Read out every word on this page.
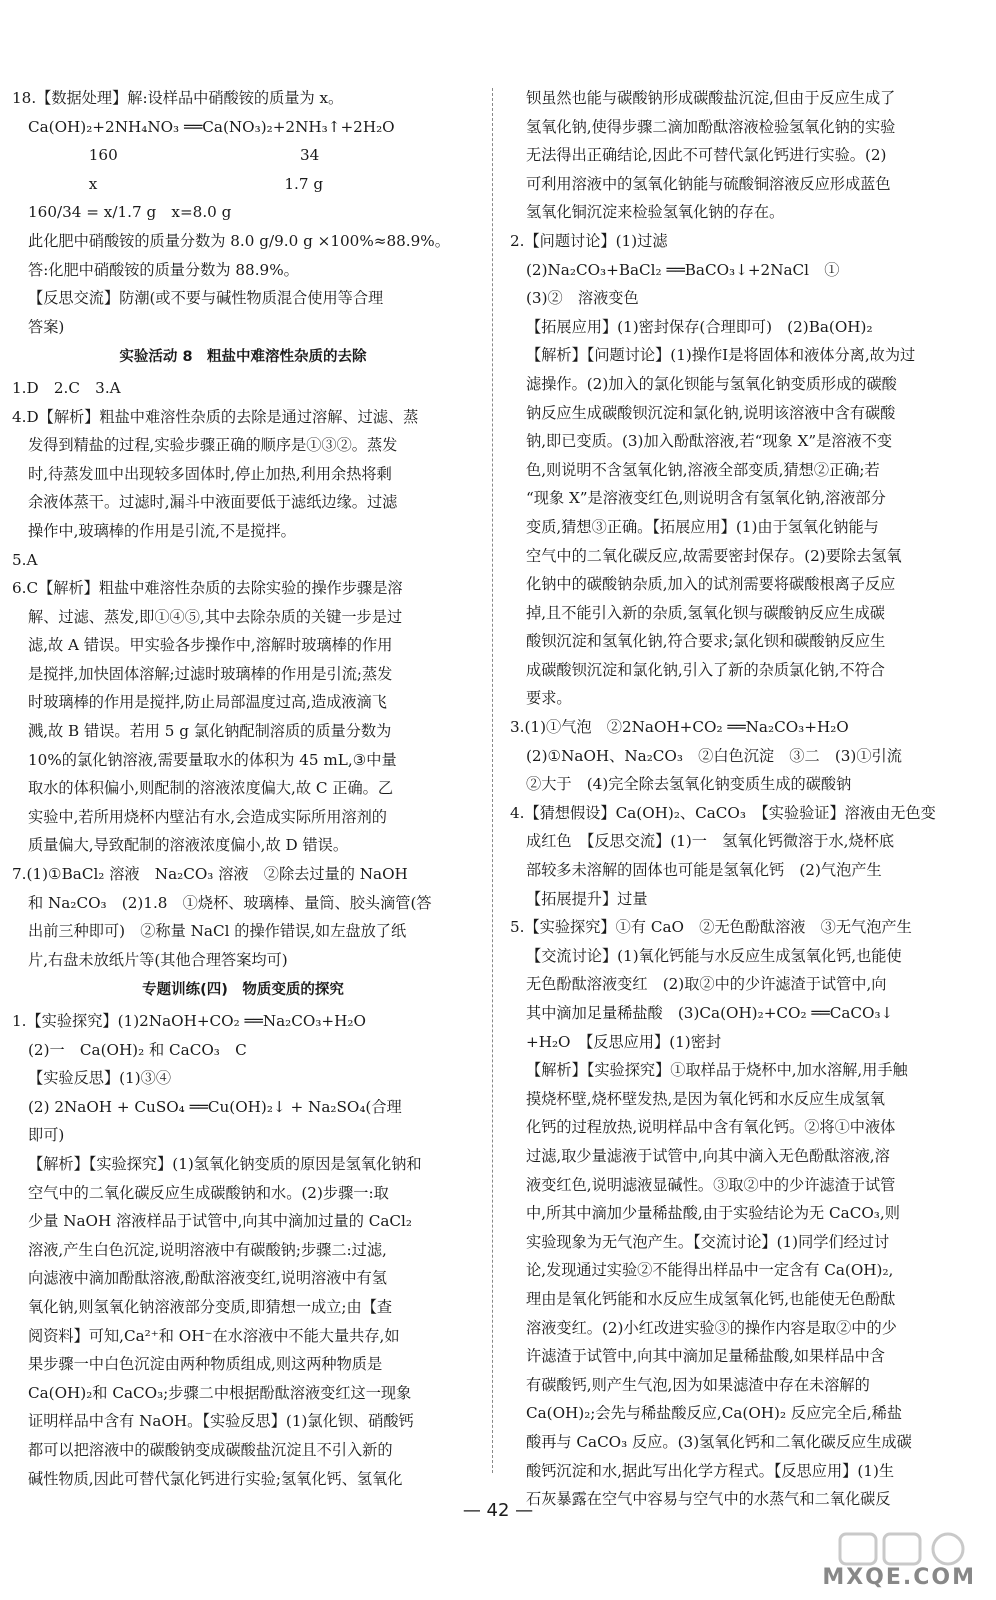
18.【数据处理】解:设样品中硝酸铵的质量为 x。
Ca(OH)₂+2NH₄NO₃ ══Ca(NO₃)₂+2NH₃↑+2H₂O
　　　　160　　　　　　　　　　　　34
　　　　x　　　　　　　　　　　　 1.7 g
160/34 = x/1.7 g　x=8.0 g
此化肥中硝酸铵的质量分数为 8.0 g/9.0 g ×100%≈88.9%。
答:化肥中硝酸铵的质量分数为 88.9%。
【反思交流】防潮(或不要与碱性物质混合使用等合理
答案)
实验活动 8　粗盐中难溶性杂质的去除
1.D　2.C　3.A
4.D【解析】粗盐中难溶性杂质的去除是通过溶解、过滤、蒸
发得到精盐的过程,实验步骤正确的顺序是①③②。蒸发
时,待蒸发皿中出现较多固体时,停止加热,利用余热将剩
余液体蒸干。过滤时,漏斗中液面要低于滤纸边缘。过滤
操作中,玻璃棒的作用是引流,不是搅拌。
5.A
6.C【解析】粗盐中难溶性杂质的去除实验的操作步骤是溶
解、过滤、蒸发,即①④⑤,其中去除杂质的关键一步是过
滤,故 A 错误。甲实验各步操作中,溶解时玻璃棒的作用
是搅拌,加快固体溶解;过滤时玻璃棒的作用是引流;蒸发
时玻璃棒的作用是搅拌,防止局部温度过高,造成液滴飞
溅,故 B 错误。若用 5 g 氯化钠配制溶质的质量分数为
10%的氯化钠溶液,需要量取水的体积为 45 mL,③中量
取水的体积偏小,则配制的溶液浓度偏大,故 C 正确。乙
实验中,若所用烧杯内壁沾有水,会造成实际所用溶剂的
质量偏大,导致配制的溶液浓度偏小,故 D 错误。
7.(1)①BaCl₂ 溶液　Na₂CO₃ 溶液　②除去过量的 NaOH
和 Na₂CO₃　(2)1.8　①烧杯、玻璃棒、量筒、胶头滴管(答
出前三种即可)　②称量 NaCl 的操作错误,如左盘放了纸
片,右盘未放纸片等(其他合理答案均可)
专题训练(四)　物质变质的探究
1.【实验探究】(1)2NaOH+CO₂ ══Na₂CO₃+H₂O
(2)一　Ca(OH)₂ 和 CaCO₃　C
【实验反思】(1)③④
(2) 2NaOH + CuSO₄ ══Cu(OH)₂↓ + Na₂SO₄(合理
即可)
【解析】【实验探究】(1)氢氧化钠变质的原因是氢氧化钠和
空气中的二氧化碳反应生成碳酸钠和水。(2)步骤一:取
少量 NaOH 溶液样品于试管中,向其中滴加过量的 CaCl₂
溶液,产生白色沉淀,说明溶液中有碳酸钠;步骤二:过滤,
向滤液中滴加酚酞溶液,酚酞溶液变红,说明溶液中有氢
氧化钠,则氢氧化钠溶液部分变质,即猜想一成立;由【查
阅资料】可知,Ca²⁺和 OH⁻在水溶液中不能大量共存,如
果步骤一中白色沉淀由两种物质组成,则这两种物质是
Ca(OH)₂和 CaCO₃;步骤二中根据酚酞溶液变红这一现象
证明样品中含有 NaOH。【实验反思】(1)氯化钡、硝酸钙
都可以把溶液中的碳酸钠变成碳酸盐沉淀且不引入新的
碱性物质,因此可替代氯化钙进行实验;氢氧化钙、氢氧化
钡虽然也能与碳酸钠形成碳酸盐沉淀,但由于反应生成了
氢氧化钠,使得步骤二滴加酚酞溶液检验氢氧化钠的实验
无法得出正确结论,因此不可替代氯化钙进行实验。(2)
可利用溶液中的氢氧化钠能与硫酸铜溶液反应形成蓝色
氢氧化铜沉淀来检验氢氧化钠的存在。
2.【问题讨论】(1)过滤
(2)Na₂CO₃+BaCl₂ ══BaCO₃↓+2NaCl　①
(3)②　溶液变色
【拓展应用】(1)密封保存(合理即可)　(2)Ba(OH)₂
【解析】【问题讨论】(1)操作Ⅰ是将固体和液体分离,故为过
滤操作。(2)加入的氯化钡能与氢氧化钠变质形成的碳酸
钠反应生成碳酸钡沉淀和氯化钠,说明该溶液中含有碳酸
钠,即已变质。(3)加入酚酞溶液,若“现象 X”是溶液不变
色,则说明不含氢氧化钠,溶液全部变质,猜想②正确;若
“现象 X”是溶液变红色,则说明含有氢氧化钠,溶液部分
变质,猜想③正确。【拓展应用】(1)由于氢氧化钠能与
空气中的二氧化碳反应,故需要密封保存。(2)要除去氢氧
化钠中的碳酸钠杂质,加入的试剂需要将碳酸根离子反应
掉,且不能引入新的杂质,氢氧化钡与碳酸钠反应生成碳
酸钡沉淀和氢氧化钠,符合要求;氯化钡和碳酸钠反应生
成碳酸钡沉淀和氯化钠,引入了新的杂质氯化钠,不符合
要求。
3.(1)①气泡　②2NaOH+CO₂ ══Na₂CO₃+H₂O
(2)①NaOH、Na₂CO₃　②白色沉淀　③二　(3)①引流
②大于　(4)完全除去氢氧化钠变质生成的碳酸钠
4.【猜想假设】Ca(OH)₂、CaCO₃　【实验验证】溶液由无色变
成红色　【反思交流】(1)一　氢氧化钙微溶于水,烧杯底
部较多未溶解的固体也可能是氢氧化钙　(2)气泡产生
【拓展提升】过量
5.【实验探究】①有 CaO　②无色酚酞溶液　③无气泡产生
【交流讨论】(1)氧化钙能与水反应生成氢氧化钙,也能使
无色酚酞溶液变红　(2)取②中的少许滤渣于试管中,向
其中滴加足量稀盐酸　(3)Ca(OH)₂+CO₂ ══CaCO₃↓
+H₂O　【反思应用】(1)密封
【解析】【实验探究】①取样品于烧杯中,加水溶解,用手触
摸烧杯壁,烧杯壁发热,是因为氧化钙和水反应生成氢氧
化钙的过程放热,说明样品中含有氧化钙。②将①中液体
过滤,取少量滤液于试管中,向其中滴入无色酚酞溶液,溶
液变红色,说明滤液显碱性。③取②中的少许滤渣于试管
中,所其中滴加少量稀盐酸,由于实验结论为无 CaCO₃,则
实验现象为无气泡产生。【交流讨论】(1)同学们经过讨
论,发现通过实验②不能得出样品中一定含有 Ca(OH)₂,
理由是氧化钙能和水反应生成氢氧化钙,也能使无色酚酞
溶液变红。(2)小红改进实验③的操作内容是取②中的少
许滤渣于试管中,向其中滴加足量稀盐酸,如果样品中含
有碳酸钙,则产生气泡,因为如果滤渣中存在未溶解的
Ca(OH)₂;会先与稀盐酸反应,Ca(OH)₂ 反应完全后,稀盐
酸再与 CaCO₃ 反应。(3)氢氧化钙和二氧化碳反应生成碳
酸钙沉淀和水,据此写出化学方程式。【反思应用】(1)生
石灰暴露在空气中容易与空气中的水蒸气和二氧化碳反
— 42 —
MXQE.COM
